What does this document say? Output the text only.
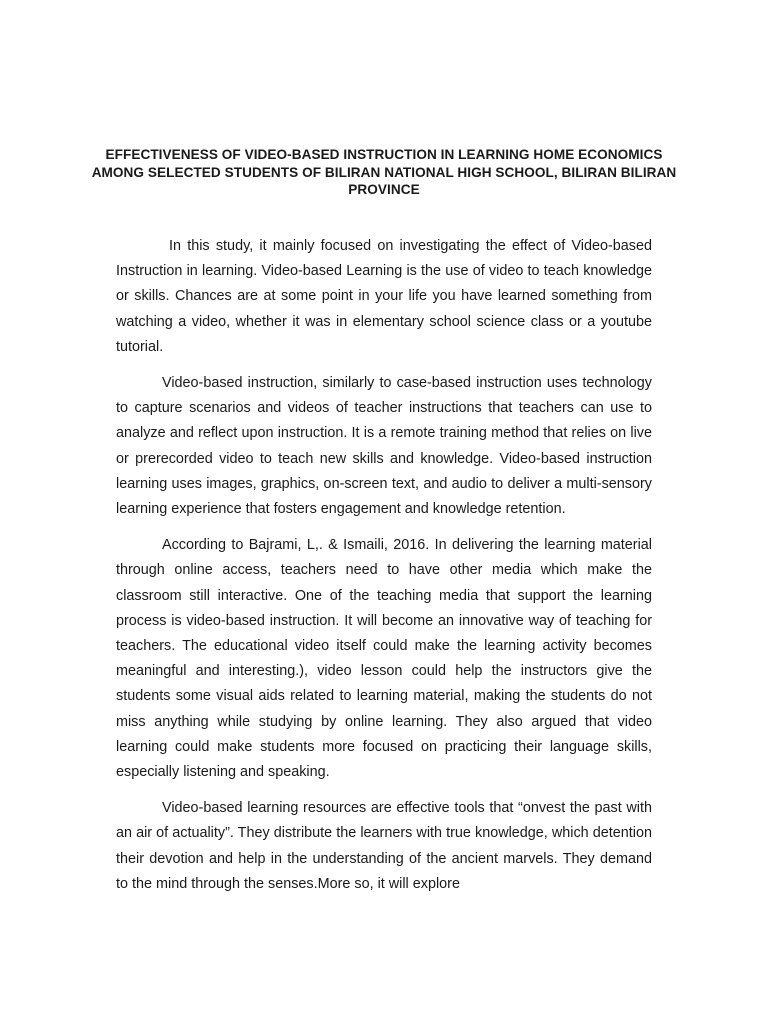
EFFECTIVENESS OF VIDEO-BASED INSTRUCTION IN LEARNING HOME ECONOMICS AMONG SELECTED STUDENTS OF BILIRAN NATIONAL HIGH SCHOOL, BILIRAN BILIRAN PROVINCE

In this study, it mainly focused on investigating the effect of Video-based Instruction in learning. Video-based Learning is the use of video to teach knowledge or skills. Chances are at some point in your life you have learned something from watching a video, whether it was in elementary school science class or a youtube tutorial.

Video-based instruction, similarly to case-based instruction uses technology to capture scenarios and videos of teacher instructions that teachers can use to analyze and reflect upon instruction. It is a remote training method that relies on live or prerecorded video to teach new skills and knowledge. Video-based instruction learning uses images, graphics, on-screen text, and audio to deliver a multi-sensory learning experience that fosters engagement and knowledge retention.

According to Bajrami, L,. & Ismaili, 2016. In delivering the learning material through online access, teachers need to have other media which make the classroom still interactive. One of the teaching media that support the learning process is video-based instruction. It will become an innovative way of teaching for teachers. The educational video itself could make the learning activity becomes meaningful and interesting.), video lesson could help the instructors give the students some visual aids related to learning material, making the students do not miss anything while studying by online learning. They also argued that video learning could make students more focused on practicing their language skills, especially listening and speaking.

Video-based learning resources are effective tools that “onvest the past with an air of actuality”. They distribute the learners with true knowledge, which detention their devotion and help in the understanding of the ancient marvels. They demand to the mind through the senses.More so, it will explore
